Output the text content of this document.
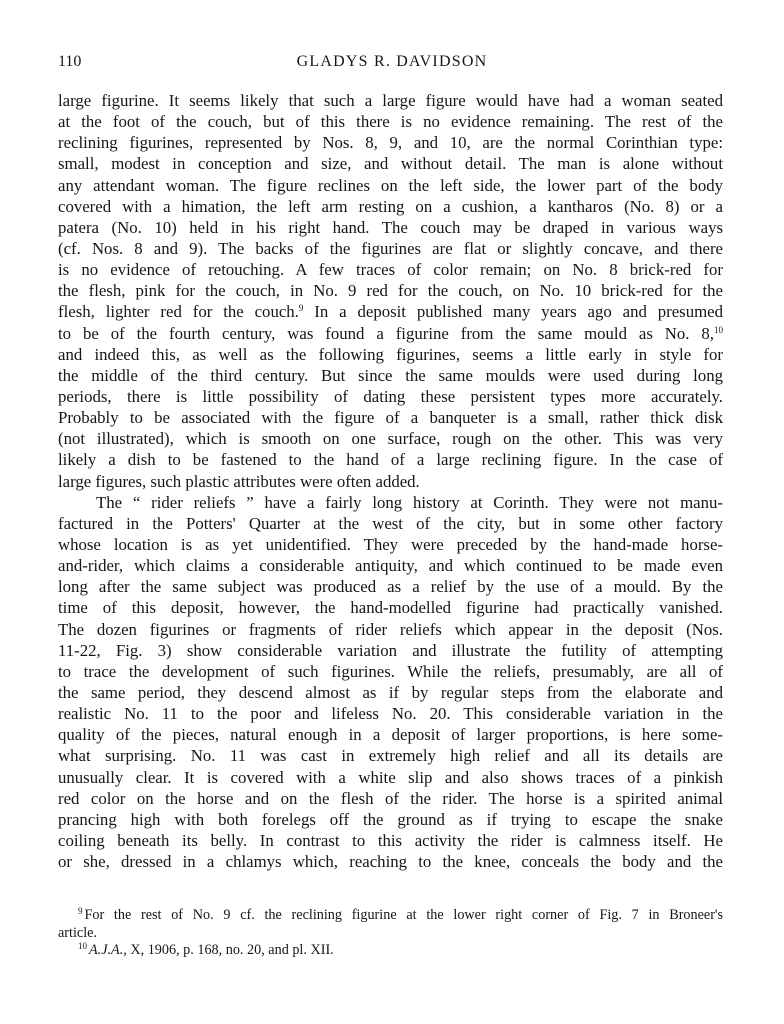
110	GLADYS R. DAVIDSON
large figurine. It seems likely that such a large figure would have had a woman seated
at the foot of the couch, but of this there is no evidence remaining. The rest of the
reclining figurines, represented by Nos. 8, 9, and 10, are the normal Corinthian type:
small, modest in conception and size, and without detail. The man is alone without
any attendant woman. The figure reclines on the left side, the lower part of the body
covered with a himation, the left arm resting on a cushion, a kantharos (No. 8) or a
patera (No. 10) held in his right hand. The couch may be draped in various ways
(cf. Nos. 8 and 9). The backs of the figurines are flat or slightly concave, and there
is no evidence of retouching. A few traces of color remain; on No. 8 brick-red for
the flesh, pink for the couch, in No. 9 red for the couch, on No. 10 brick-red for the
flesh, lighter red for the couch.$^9$ In a deposit published many years ago and presumed
to be of the fourth century, was found a figurine from the same mould as No. 8,10
and indeed this, as well as the following figurines, seems a little early in style for
the middle of the third century. But since the same moulds were used during long
periods, there is little possibility of dating these persistent types more accurately.
Probably to be associated with the figure of a banqueter is a small, rather thick disk
(not illustrated), which is smooth on one surface, rough on the other. This was very
likely a dish to be fastened to the hand of a large reclining figure. In the case of
large figures, such plastic attributes were often added.
The “ rider reliefs ” have a fairly long history at Corinth. They were not manu-
factured in the Potters' Quarter at the west of the city, but in some other factory
whose location is as yet unidentified. They were preceded by the hand-made horse-
and-rider, which claims a considerable antiquity, and which continued to be made even
long after the same subject was produced as a relief by the use of a mould. By the
time of this deposit, however, the hand-modelled figurine had practically vanished.
The dozen figurines or fragments of rider reliefs which appear in the deposit (Nos.
11-22, Fig. 3) show considerable variation and illustrate the futility of attempting
to trace the development of such figurines. While the reliefs, presumably, are all of
the same period, they descend almost as if by regular steps from the elaborate and
realistic No. 11 to the poor and lifeless No. 20. This considerable variation in the
quality of the pieces, natural enough in a deposit of larger proportions, is here some-
what surprising. No. 11 was cast in extremely high relief and all its details are
unusually clear. It is covered with a white slip and also shows traces of a pinkish
red color on the horse and on the flesh of the rider. The horse is a spirited animal
prancing high with both forelegs off the ground as if trying to escape the snake
coiling beneath its belly. In contrast to this activity the rider is calmness itself. He
or she, dressed in a chlamys which, reaching to the knee, conceals the body and the
$^9$ For the rest of No. 9 cf. the reclining figurine at the lower right corner of Fig. 7 in Broneer's
article.
$^{10}$ A.J.A., X, 1906, p. 168, no. 20, and pl. XII.
